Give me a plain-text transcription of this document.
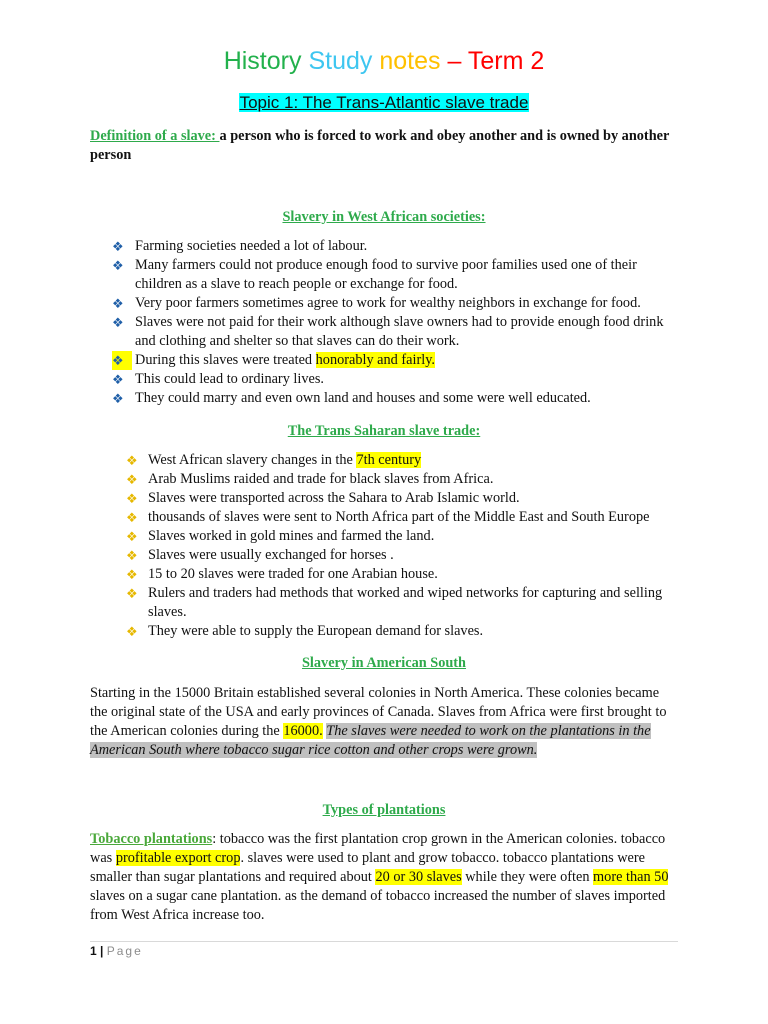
History Study notes – Term 2
Topic 1: The Trans-Atlantic slave trade
Definition of a slave: a person who is forced to work and obey another and is owned by another person
Slavery in West African societies:
❖ Farming societies needed a lot of labour.
❖ Many farmers could not produce enough food to survive poor families used one of their children as a slave to reach people or exchange for food.
❖ Very poor farmers sometimes agree to work for wealthy neighbors in exchange for food.
❖ Slaves were not paid for their work although slave owners had to provide enough food drink and clothing and shelter so that slaves can do their work.
❖ During this slaves were treated honorably and fairly.
❖ This could lead to ordinary lives.
❖ They could marry and even own land and houses and some were well educated.
The Trans Saharan slave trade:
❖ West African slavery changes in the 7th century
❖ Arab Muslims raided and trade for black slaves from Africa.
❖ Slaves were transported across the Sahara to Arab Islamic world.
❖ thousands of slaves were sent to North Africa part of the Middle East and South Europe
❖ Slaves worked in gold mines and farmed the land.
❖ Slaves were usually exchanged for horses .
❖ 15 to 20 slaves were traded for one Arabian house.
❖ Rulers and traders had methods that worked and wiped networks for capturing and selling slaves.
❖ They were able to supply the European demand for slaves.
Slavery in American South
Starting in the 15000 Britain established several colonies in North America. These colonies became the original state of the USA and early provinces of Canada. Slaves from Africa were first brought to the American colonies during the 16000. The slaves were needed to work on the plantations in the American South where tobacco sugar rice cotton and other crops were grown.
Types of plantations
Tobacco plantations: tobacco was the first plantation crop grown in the American colonies. tobacco was profitable export crop. slaves were used to plant and grow tobacco. tobacco plantations were smaller than sugar plantations and required about 20 or 30 slaves while they were often more than 50 slaves on a sugar cane plantation. as the demand of tobacco increased the number of slaves imported from West Africa increase too.
1 | Page
